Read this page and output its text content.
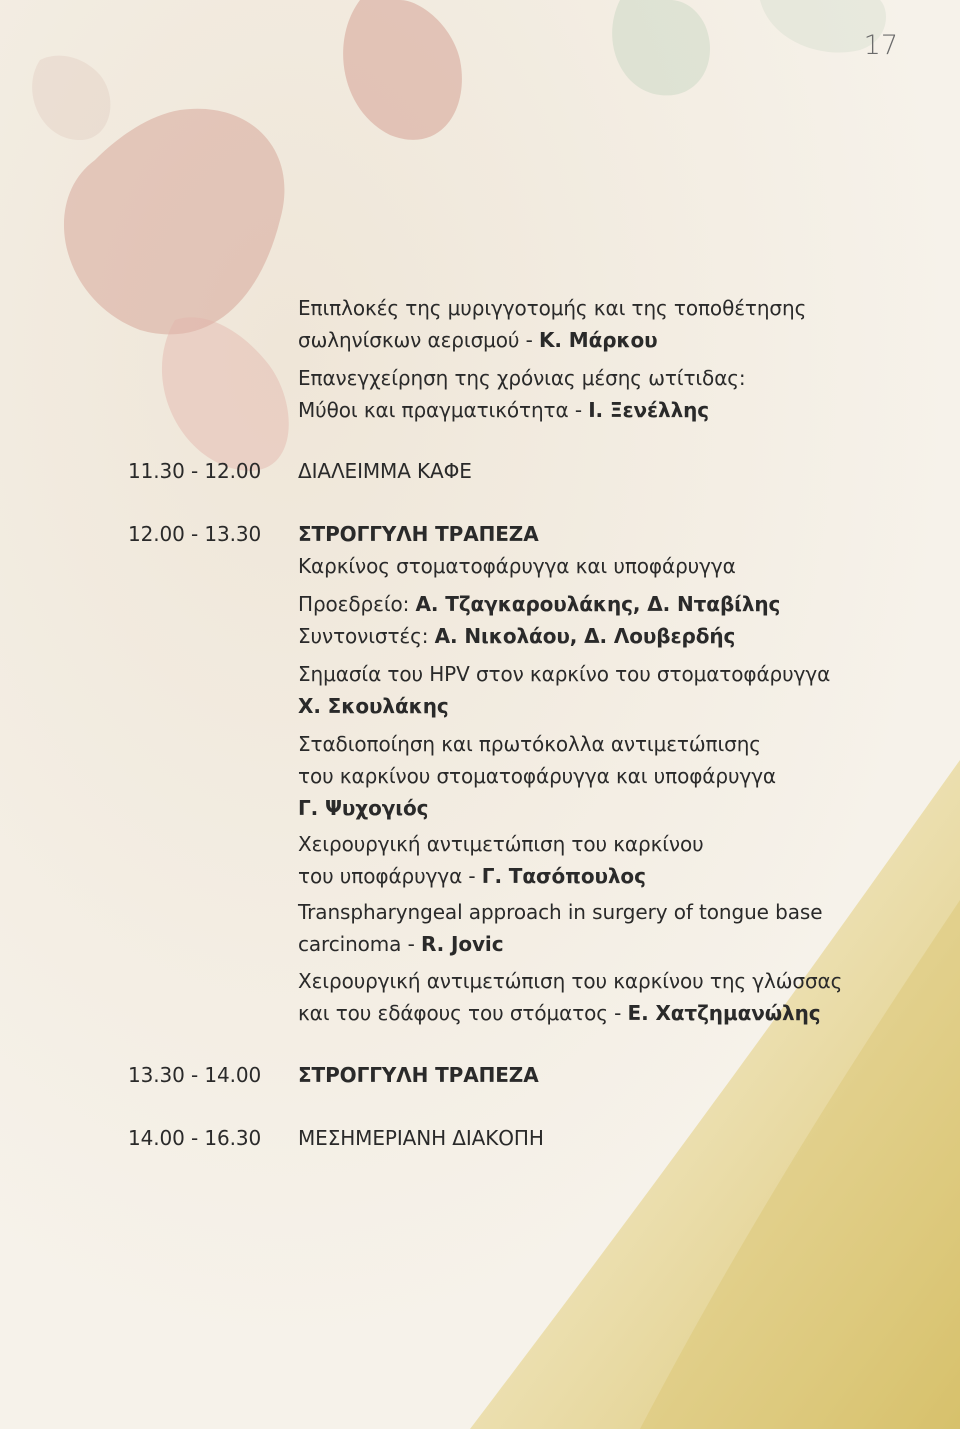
17
Επιπλοκές της μυριγγοτομής και της τοποθέτησης
σωληνίσκων αερισμού - Κ. Μάρκου
Επανεγχείρηση της χρόνιας μέσης ωτίτιδας:
Μύθοι και πραγματικότητα - Ι. Ξενέλλης
11.30 - 12.00 ΔΙΑΛΕΙΜΜΑ ΚΑΦΕ
12.00 - 13.30 ΣΤΡΟΓΓΥΛΗ ΤΡΑΠΕΖΑ
Καρκίνος στοματοφάρυγγα και υποφάρυγγα
Προεδρείο: Α. Τζαγκαρουλάκης, Δ. Νταβίλης
Συντονιστές: Α. Νικολάου, Δ. Λουβερδής
Σημασία του HPV στον καρκίνο του στοματοφάρυγγα
Χ. Σκουλάκης
Σταδιοποίηση και πρωτόκολλα αντιμετώπισης
του καρκίνου στοματοφάρυγγα και υποφάρυγγα
Γ. Ψυχογιός
Χειρουργική αντιμετώπιση του καρκίνου
του υποφάρυγγα - Γ. Τασόπουλος
Transpharyngeal approach in surgery of tongue base
carcinoma - R. Jovic
Χειρουργική αντιμετώπιση του καρκίνου της γλώσσας
και του εδάφους του στόματος - Ε. Χατζημανώλης
13.30 - 14.00 ΣΤΡΟΓΓΥΛΗ ΤΡΑΠΕΖΑ
14.00 - 16.30 ΜΕΣΗΜΕΡΙΑΝΗ ΔΙΑΚΟΠΗ
